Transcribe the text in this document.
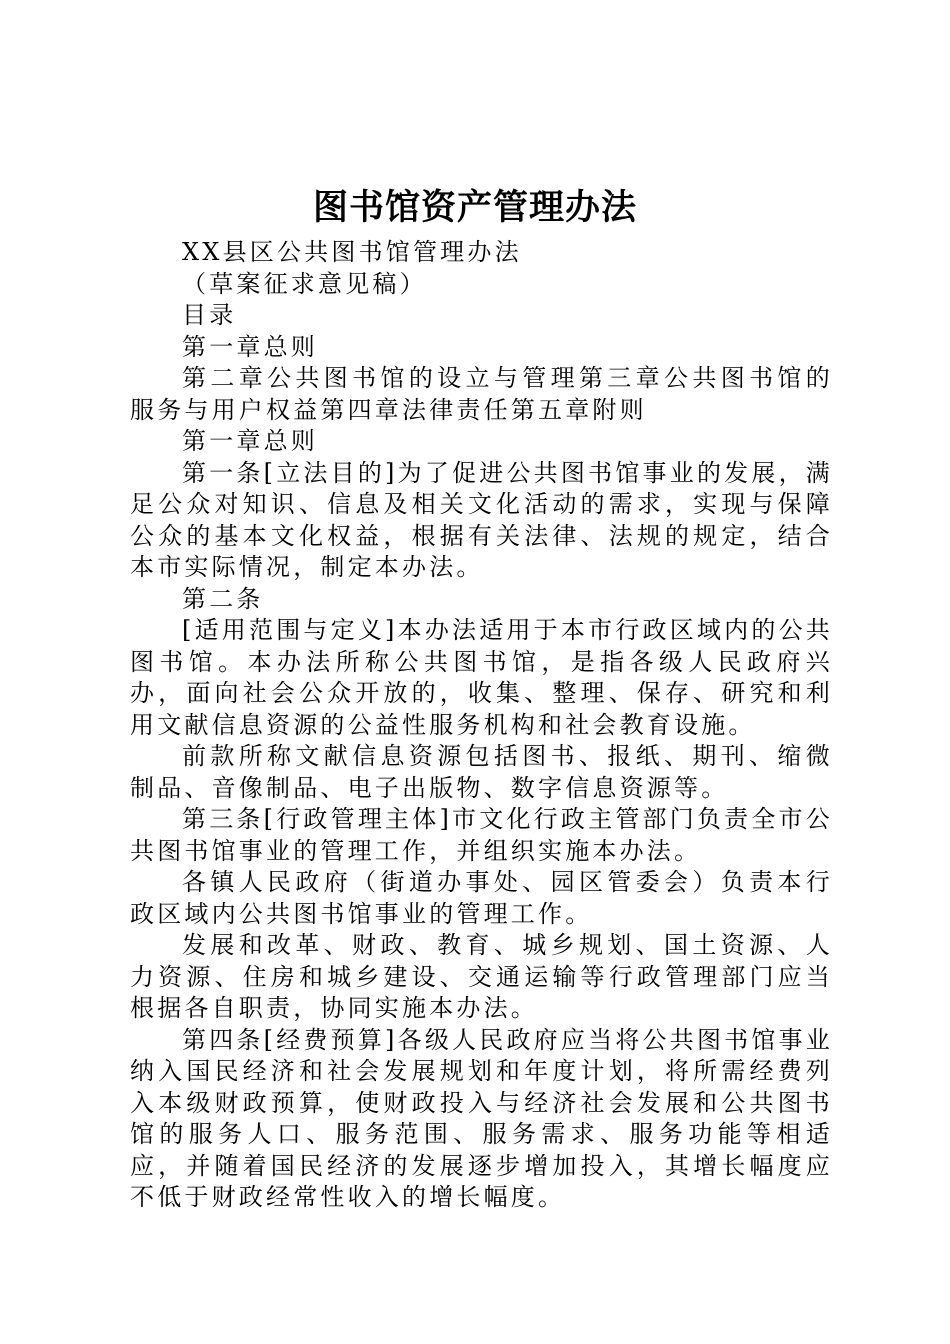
图书馆资产管理办法

XX县区公共图书馆管理办法

（草案征求意见稿）

目录

第一章总则

第二章公共图书馆的设立与管理第三章公共图书馆的服务与用户权益第四章法律责任第五章附则

第一章总则

第一条[立法目的]为了促进公共图书馆事业的发展，满足公众对知识、信息及相关文化活动的需求，实现与保障公众的基本文化权益，根据有关法律、法规的规定，结合本市实际情况，制定本办法。

第二条

[适用范围与定义]本办法适用于本市行政区域内的公共图书馆。本办法所称公共图书馆，是指各级人民政府兴办，面向社会公众开放的，收集、整理、保存、研究和利用文献信息资源的公益性服务机构和社会教育设施。

前款所称文献信息资源包括图书、报纸、期刊、缩微制品、音像制品、电子出版物、数字信息资源等。

第三条[行政管理主体]市文化行政主管部门负责全市公共图书馆事业的管理工作，并组织实施本办法。

各镇人民政府（街道办事处、园区管委会）负责本行政区域内公共图书馆事业的管理工作。

发展和改革、财政、教育、城乡规划、国土资源、人力资源、住房和城乡建设、交通运输等行政管理部门应当根据各自职责，协同实施本办法。

第四条[经费预算]各级人民政府应当将公共图书馆事业纳入国民经济和社会发展规划和年度计划，将所需经费列入本级财政预算，使财政投入与经济社会发展和公共图书馆的服务人口、服务范围、服务需求、服务功能等相适应，并随着国民经济的发展逐步增加投入，其增长幅度应不低于财政经常性收入的增长幅度。
